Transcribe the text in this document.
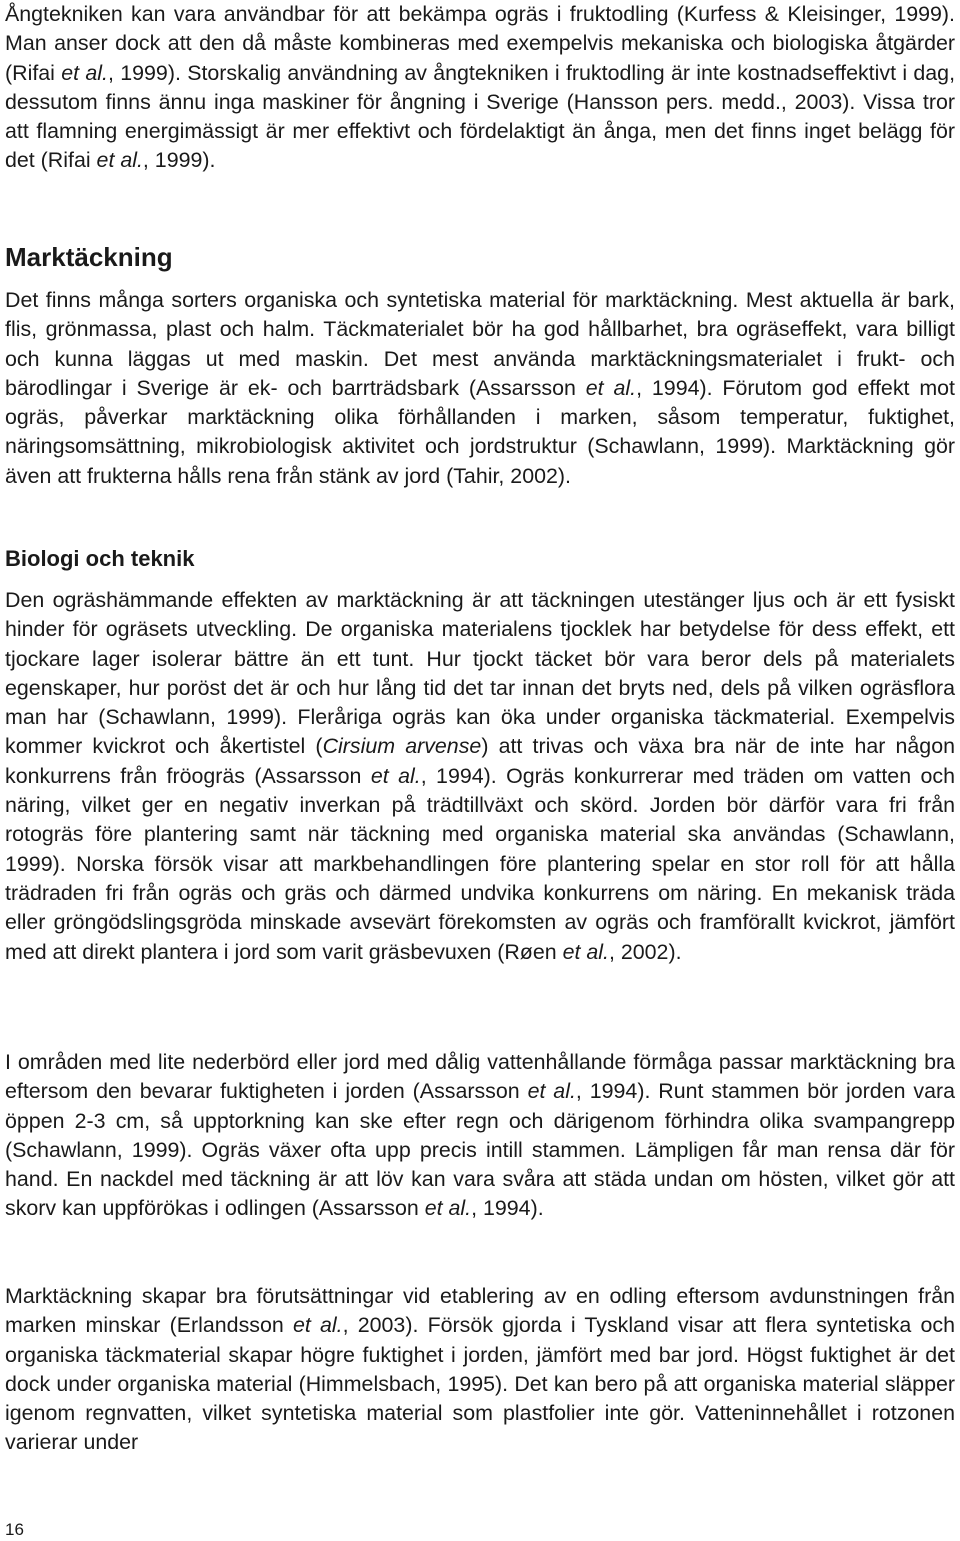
Ångtekniken kan vara användbar för att bekämpa ogräs i fruktodling (Kurfess & Kleisinger, 1999). Man anser dock att den då måste kombineras med exempelvis mekaniska och biologiska åtgärder (Rifai et al., 1999). Storskalig användning av ångtekniken i fruktodling är inte kostnadseffektivt i dag, dessutom finns ännu inga maskiner för ångning i Sverige (Hansson pers. medd., 2003). Vissa tror att flamning energimässigt är mer effektivt och fördelaktigt än ånga, men det finns inget belägg för det (Rifai et al., 1999).

Marktäckning

Det finns många sorters organiska och syntetiska material för marktäckning. Mest aktuella är bark, flis, grönmassa, plast och halm. Täckmaterialet bör ha god hållbarhet, bra ogräseffekt, vara billigt och kunna läggas ut med maskin. Det mest använda marktäckningsmaterialet i frukt- och bärodlingar i Sverige är ek- och barrträdsbark (Assarsson et al., 1994). Förutom god effekt mot ogräs, påverkar marktäckning olika förhållanden i marken, såsom temperatur, fuktighet, näringsomsättning, mikrobiologisk aktivitet och jordstruktur (Schawlann, 1999). Marktäckning gör även att frukterna hålls rena från stänk av jord (Tahir, 2002).

Biologi och teknik

Den ogräshämmande effekten av marktäckning är att täckningen utestänger ljus och är ett fysiskt hinder för ogräsets utveckling. De organiska materialens tjocklek har betydelse för dess effekt, ett tjockare lager isolerar bättre än ett tunt. Hur tjockt täcket bör vara beror dels på materialets egenskaper, hur poröst det är och hur lång tid det tar innan det bryts ned, dels på vilken ogräsflora man har (Schawlann, 1999). Fleråriga ogräs kan öka under organiska täckmaterial. Exempelvis kommer kvickrot och åkertistel (Cirsium arvense) att trivas och växa bra när de inte har någon konkurrens från fröogräs (Assarsson et al., 1994). Ogräs konkurrerar med träden om vatten och näring, vilket ger en negativ inverkan på trädtillväxt och skörd. Jorden bör därför vara fri från rotogräs före plantering samt när täckning med organiska material ska användas (Schawlann, 1999). Norska försök visar att markbehandlingen före plantering spelar en stor roll för att hålla trädraden fri från ogräs och gräs och därmed undvika konkurrens om näring. En mekanisk träda eller gröngödslingsgröda minskade avsevärt förekomsten av ogräs och framförallt kvickrot, jämfört med att direkt plantera i jord som varit gräsbevuxen (Røen et al., 2002).

I områden med lite nederbörd eller jord med dålig vattenhållande förmåga passar marktäckning bra eftersom den bevarar fuktigheten i jorden (Assarsson et al., 1994). Runt stammen bör jorden vara öppen 2-3 cm, så upptorkning kan ske efter regn och därigenom förhindra olika svampangrepp (Schawlann, 1999). Ogräs växer ofta upp precis intill stammen. Lämpligen får man rensa där för hand. En nackdel med täckning är att löv kan vara svåra att städa undan om hösten, vilket gör att skorv kan uppförökas i odlingen (Assarsson et al., 1994).

Marktäckning skapar bra förutsättningar vid etablering av en odling eftersom avdunstningen från marken minskar (Erlandsson et al., 2003). Försök gjorda i Tyskland visar att flera syntetiska och organiska täckmaterial skapar högre fuktighet i jorden, jämfört med bar jord. Högst fuktighet är det dock under organiska material (Himmelsbach, 1995). Det kan bero på att organiska material släpper igenom regnvatten, vilket syntetiska material som plastfolier inte gör. Vatteninnehållet i rotzonen varierar under

16
